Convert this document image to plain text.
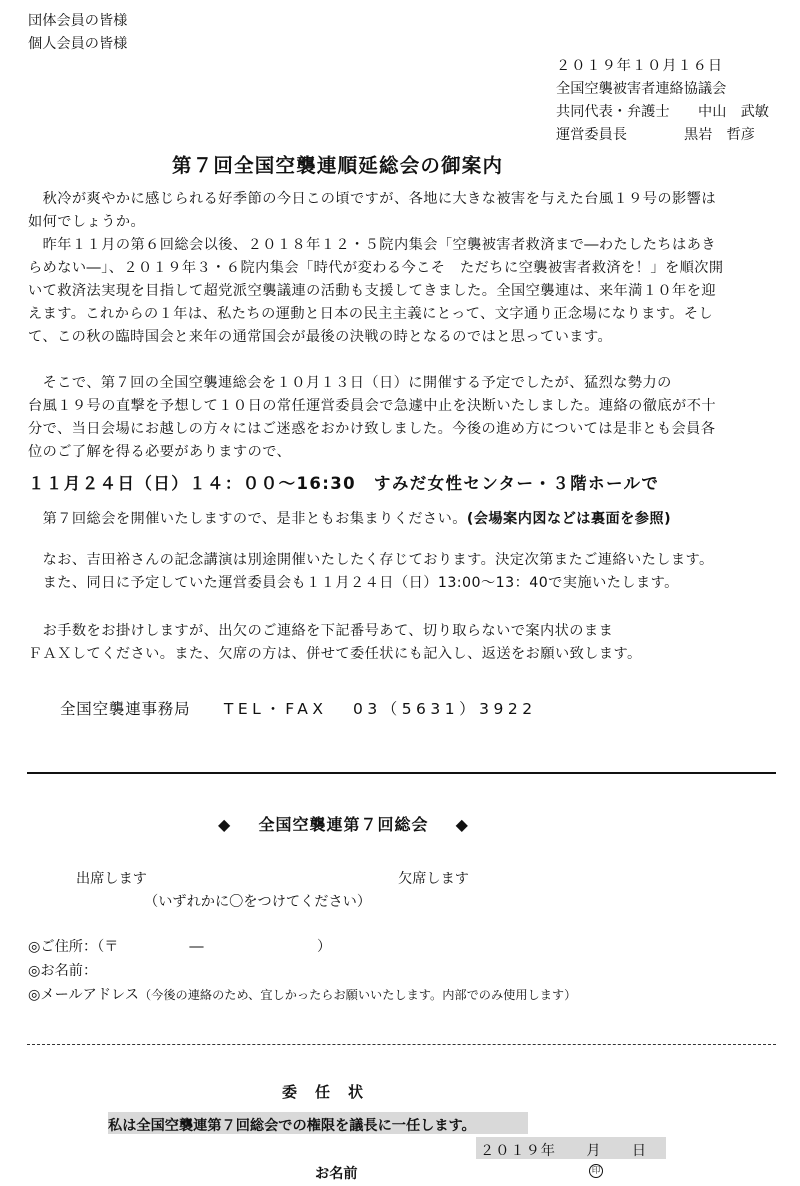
団体会員の皆様
個人会員の皆様
２０１９年１０月１６日
全国空襲被害者連絡協議会
共同代表・弁護士 中山　武敏
運営委員長	黒岩　哲彦
第７回全国空襲連順延総会の御案内
　秋冷が爽やかに感じられる好季節の今日この頃ですが、各地に大きな被害を与えた台風１９号の影響は
如何でしょうか。
　昨年１１月の第６回総会以後、２０１８年１２・５院内集会「空襲被害者救済まで―わたしたちはあき
らめない―」、２０１９年３・６院内集会「時代が変わる今こそ　ただちに空襲被害者救済を！」を順次開
いて救済法実現を目指して超党派空襲議連の活動も支援してきました。全国空襲連は、来年満１０年を迎
えます。これからの１年は、私たちの運動と日本の民主主義にとって、文字通り正念場になります。そし
て、この秋の臨時国会と来年の通常国会が最後の決戦の時となるのではと思っています。
　そこで、第７回の全国空襲連総会を１０月１３日（日）に開催する予定でしたが、猛烈な勢力の
台風１９号の直撃を予想して１０日の常任運営委員会で急遽中止を決断いたしました。連絡の徹底が不十
分で、当日会場にお越しの方々にはご迷惑をおかけ致しました。今後の進め方については是非とも会員各
位のご了解を得る必要がありますので、
１１月２４日（日）１４：００～16:30　すみだ女性センター・３階ホールで
　第７回総会を開催いたしますので、是非ともお集まりください。(会場案内図などは裏面を参照)
　なお、吉田裕さんの記念講演は別途開催いたしたく存じております。決定次第またご連絡いたします。
　また、同日に予定していた運営委員会も１１月２４日（日）13:00～13：40で実施いたします。
　お手数をお掛けしますが、出欠のご連絡を下記番号あて、切り取らないで案内状のまま
ＦＡＸしてください。また、欠席の方は、併せて委任状にも記入し、返送をお願い致します。
全国空襲連事務局 TEL・FAX 03（5631）3922
◆ 全国空襲連第７回総会 ◆
出席します	欠席します
（いずれかに〇をつけてください）
◎ご住所：（〒　　　　　―　　　　　　　　）
◎お名前：
◎メールアドレス（今後の連絡のため、宜しかったらお願いいたします。内部でのみ使用します）
委　任　状
私は全国空襲連第７回総会での権限を議長に一任します。
２０１９年　　月　　日
お名前	印
